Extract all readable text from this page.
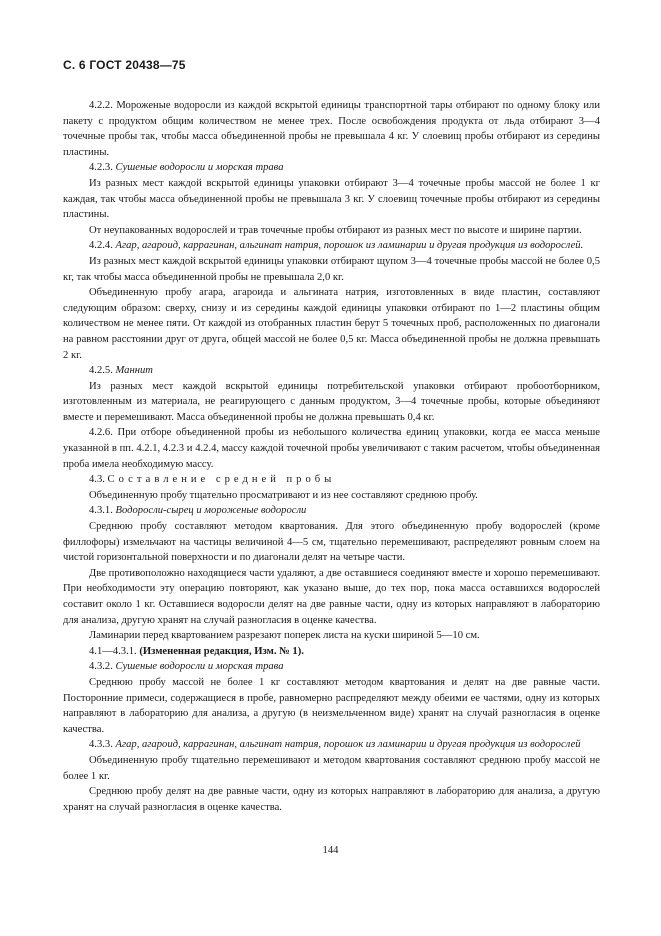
С. 6 ГОСТ 20438—75

4.2.2. Мороженые водоросли из каждой вскрытой единицы транспортной тары отбирают по одному блоку или пакету с продуктом общим количеством не менее трех. После освобождения продукта от льда отбирают 3—4 точечные пробы так, чтобы масса объединенной пробы не превышала 4 кг. У слоевищ пробы отбирают из середины пластины.

4.2.3. Сушеные водоросли и морская трава

Из разных мест каждой вскрытой единицы упаковки отбирают 3—4 точечные пробы массой не более 1 кг каждая, так чтобы масса объединенной пробы не превышала 3 кг. У слоевищ точечные пробы отбирают из середины пластины.

От неупакованных водорослей и трав точечные пробы отбирают из разных мест по высоте и ширине партии.

4.2.4. Агар, агароид, каррагинан, альгинат натрия, порошок из ламинарии и другая продукция из водорослей.

Из разных мест каждой вскрытой единицы упаковки отбирают щупом 3—4 точечные пробы массой не более 0,5 кг, так чтобы масса объединенной пробы не превышала 2,0 кг.

Объединенную пробу агара, агароида и альгината натрия, изготовленных в виде пластин, составляют следующим образом: сверху, снизу и из середины каждой единицы упаковки отбирают по 1—2 пластины общим количеством не менее пяти. От каждой из отобранных пластин берут 5 точечных проб, расположенных по диагонали на равном расстоянии друг от друга, общей массой не более 0,5 кг. Масса объединенной пробы не должна превышать 2 кг.

4.2.5. Маннит

Из разных мест каждой вскрытой единицы потребительской упаковки отбирают пробоотборником, изготовленным из материала, не реагирующего с данным продуктом, 3—4 точечные пробы, которые объединяют вместе и перемешивают. Масса объединенной пробы не должна превышать 0,4 кг.

4.2.6. При отборе объединенной пробы из небольшого количества единиц упаковки, когда ее масса меньше указанной в пп. 4.2.1, 4.2.3 и 4.2.4, массу каждой точечной пробы увеличивают с таким расчетом, чтобы объединенная проба имела необходимую массу.

4.3. Составление средней пробы

Объединенную пробу тщательно просматривают и из нее составляют среднюю пробу.

4.3.1. Водоросли-сырец и мороженые водоросли

Среднюю пробу составляют методом квартования. Для этого объединенную пробу водорослей (кроме филлофоры) измельчают на частицы величиной 4—5 см, тщательно перемешивают, распределяют ровным слоем на чистой горизонтальной поверхности и по диагонали делят на четыре части.

Две противоположно находящиеся части удаляют, а две оставшиеся соединяют вместе и хорошо перемешивают. При необходимости эту операцию повторяют, как указано выше, до тех пор, пока масса оставшихся водорослей составит около 1 кг. Оставшиеся водоросли делят на две равные части, одну из которых направляют в лабораторию для анализа, другую хранят на случай разногласия в оценке качества.

Ламинарии перед квартованием разрезают поперек листа на куски шириной 5—10 см.

4.1—4.3.1. (Измененная редакция, Изм. № 1).

4.3.2. Сушеные водоросли и морская трава

Среднюю пробу массой не более 1 кг составляют методом квартования и делят на две равные части. Посторонние примеси, содержащиеся в пробе, равномерно распределяют между обеими ее частями, одну из которых направляют в лабораторию для анализа, а другую (в неизмельченном виде) хранят на случай разногласия в оценке качества.

4.3.3. Агар, агароид, каррагинан, альгинат натрия, порошок из ламинарии и другая продукция из водорослей

Объединенную пробу тщательно перемешивают и методом квартования составляют среднюю пробу массой не более 1 кг.

Среднюю пробу делят на две равные части, одну из которых направляют в лабораторию для анализа, а другую хранят на случай разногласия в оценке качества.

144
